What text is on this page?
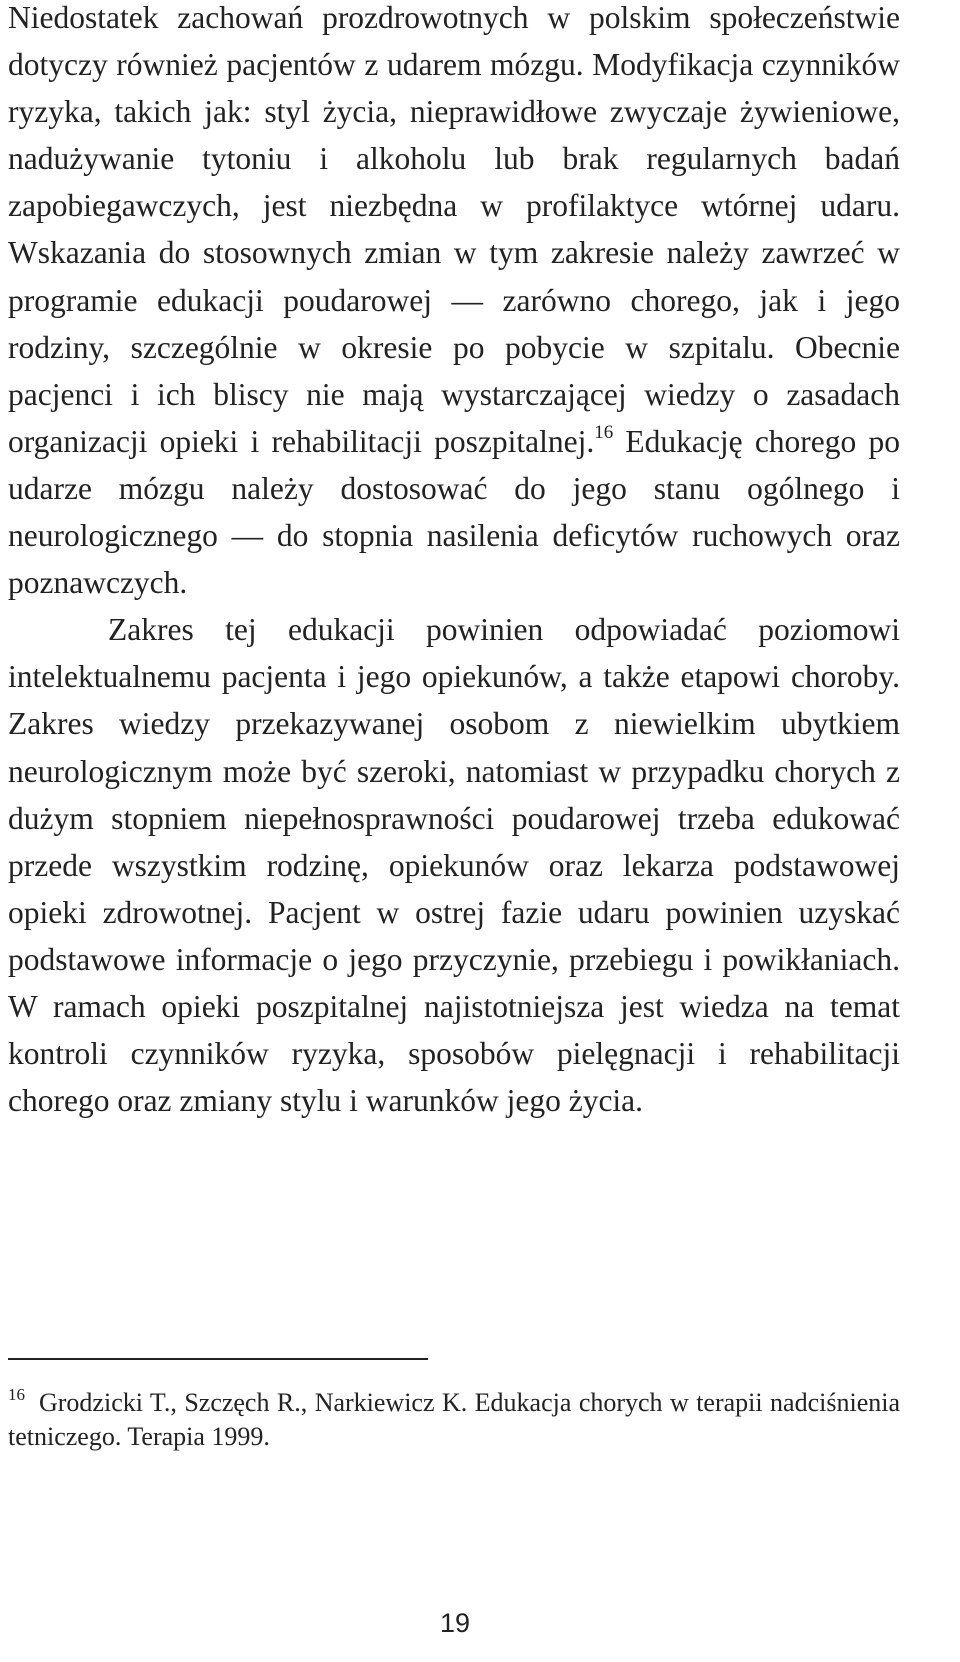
Niedostatek zachowań prozdrowotnych w polskim społeczeństwie dotyczy również pacjentów z udarem mózgu. Modyfikacja czynników ryzyka, takich jak: styl życia, nieprawidłowe zwyczaje żywieniowe, nadużywanie tytoniu i alkoholu lub brak regularnych badań zapobiegawczych, jest niezbędna w profilaktyce wtórnej udaru. Wskazania do stosownych zmian w tym zakresie należy zawrzeć w programie edukacji poudarowej — zarówno chorego, jak i jego rodziny, szczególnie w okresie po pobycie w szpitalu. Obecnie pacjenci i ich bliscy nie mają wystarczającej wiedzy o zasadach organizacji opieki i rehabilitacji poszpitalnej.$^{16}$ Edukację chorego po udarze mózgu należy dostosować do jego stanu ogólnego i neurologicznego — do stopnia nasilenia deficytów ruchowych oraz poznawczych.

Zakres tej edukacji powinien odpowiadać poziomowi intelektualnemu pacjenta i jego opiekunów, a także etapowi choroby. Zakres wiedzy przekazywanej osobom z niewielkim ubytkiem neurologicznym może być szeroki, natomiast w przypadku chorych z dużym stopniem niepełnosprawności poudarowej trzeba edukować przede wszystkim rodzinę, opiekunów oraz lekarza podstawowej opieki zdrowotnej. Pacjent w ostrej fazie udaru powinien uzyskać podstawowe informacje o jego przyczynie, przebiegu i powikłaniach. W ramach opieki poszpitalnej najistotniejsza jest wiedza na temat kontroli czynników ryzyka, sposobów pielęgnacji i rehabilitacji chorego oraz zmiany stylu i warunków jego życia.

$^{16}$ Grodzicki T., Szczęch R., Narkiewicz K. Edukacja chorych w terapii nadciśnienia tetniczego. Terapia 1999.

19
